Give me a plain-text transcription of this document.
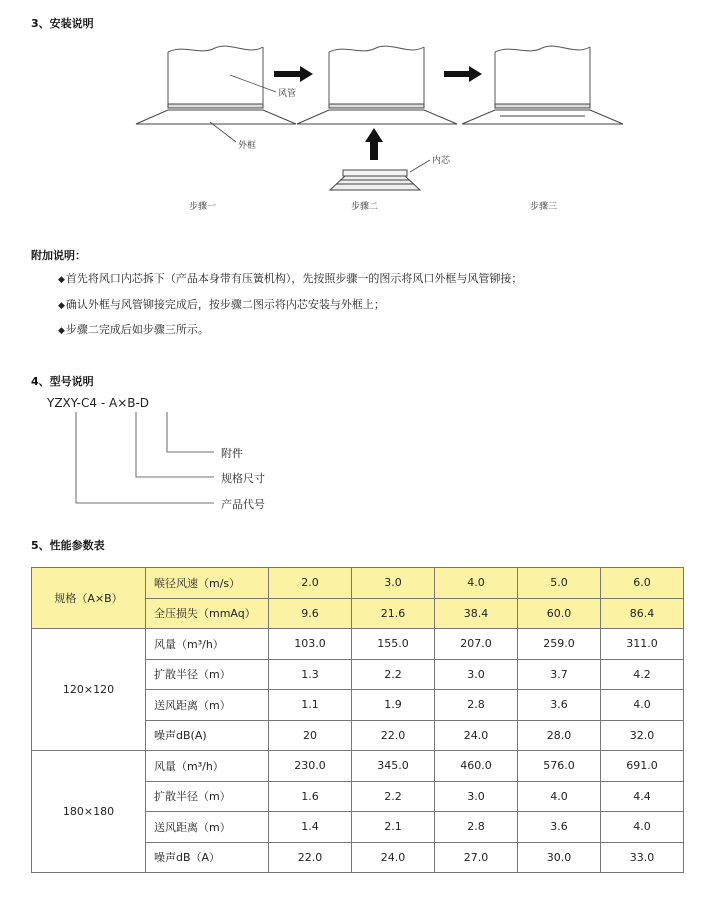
3、安装说明
风管
外框
内芯
步骤一	步骤二	步骤三
附加说明：
◆首先将风口内芯拆下（产品本身带有压簧机构），先按照步骤一的图示将风口外框与风管铆接；
◆确认外框与风管铆接完成后，按步骤二图示将内芯安装与外框上；
◆步骤二完成后如步骤三所示。
4、型号说明
YZXY-C4 - A×B-D
附件
规格尺寸
产品代号
5、性能参数表
规格（A×B）	喉径风速（m/s）	2.0	3.0	4.0	5.0	6.0
	全压损失（mmAq）	9.6	21.6	38.4	60.0	86.4
120×120	风量（m³/h）	103.0	155.0	207.0	259.0	311.0
	扩散半径（m）	1.3	2.2	3.0	3.7	4.2
	送风距离（m）	1.1	1.9	2.8	3.6	4.0
	噪声dB(A)	20	22.0	24.0	28.0	32.0
180×180	风量（m³/h）	230.0	345.0	460.0	576.0	691.0
	扩散半径（m）	1.6	2.2	3.0	4.0	4.4
	送风距离（m）	1.4	2.1	2.8	3.6	4.0
	噪声dB（A）	22.0	24.0	27.0	30.0	33.0
